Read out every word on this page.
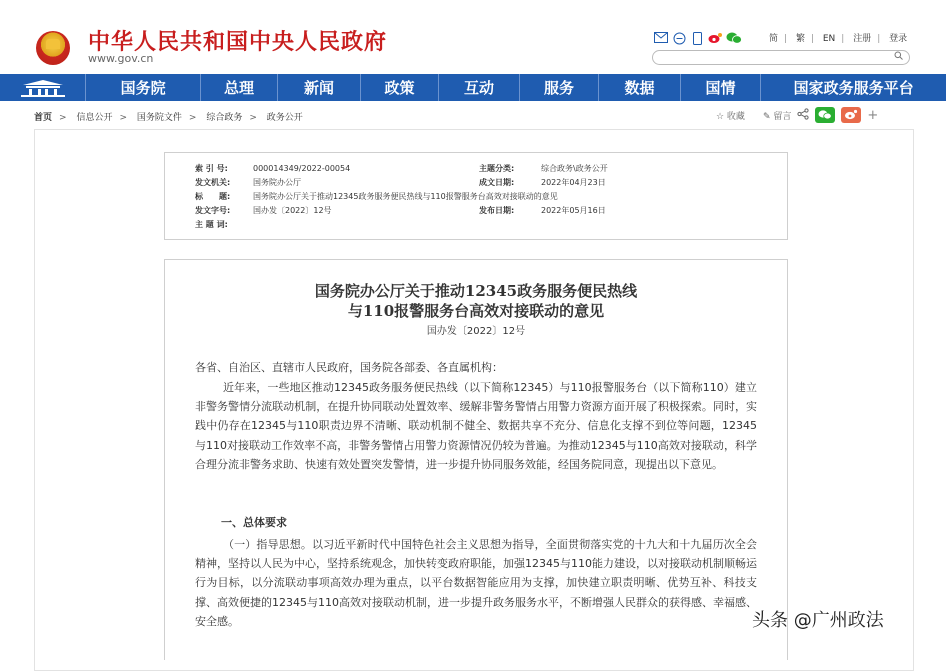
中华人民共和国中央人民政府
www.gov.cn
简 | 繁 | EN | 注册 | 登录
国务院	总理	新闻	政策	互动	服务	数据	国情	国家政务服务平台
首页 > 信息公开 > 国务院文件 > 综合政务 > 政务公开	☆ 收藏 ✎ 留言	+
索 引 号:	000014349/2022-00054	主题分类:	综合政务\政务公开
发文机关:	国务院办公厅	成文日期:	2022年04月23日
标　　题:	国务院办公厅关于推动12345政务服务便民热线与110报警服务台高效对接联动的意见
发文字号:	国办发〔2022〕12号	发布日期:	2022年05月16日
主 题 词:
国务院办公厅关于推动12345政务服务便民热线
与110报警服务台高效对接联动的意见
国办发〔2022〕12号
各省、自治区、直辖市人民政府，国务院各部委、各直属机构：
近年来，一些地区推动12345政务服务便民热线（以下简称12345）与110报警服务台（以下简称110）建立非警务警情分流联动机制，在提升协同联动处置效率、缓解非警务警情占用警力资源方面开展了积极探索。同时，实践中仍存在12345与110职责边界不清晰、联动机制不健全、数据共享不充分、信息化支撑不到位等问题，12345与110对接联动工作效率不高，非警务警情占用警力资源情况仍较为普遍。为推动12345与110高效对接联动，科学合理分流非警务求助、快速有效处置突发警情，进一步提升协同服务效能，经国务院同意，现提出以下意见。
一、总体要求
（一）指导思想。以习近平新时代中国特色社会主义思想为指导，全面贯彻落实党的十九大和十九届历次全会精神，坚持以人民为中心，坚持系统观念，加快转变政府职能，加强12345与110能力建设，以对接联动机制顺畅运行为目标，以分流联动事项高效办理为重点，以平台数据智能应用为支撑，加快建立职责明晰、优势互补、科技支撑、高效便捷的12345与110高效对接联动机制，进一步提升政务服务水平，不断增强人民群众的获得感、幸福感、安全感。	头条 @广州政法
